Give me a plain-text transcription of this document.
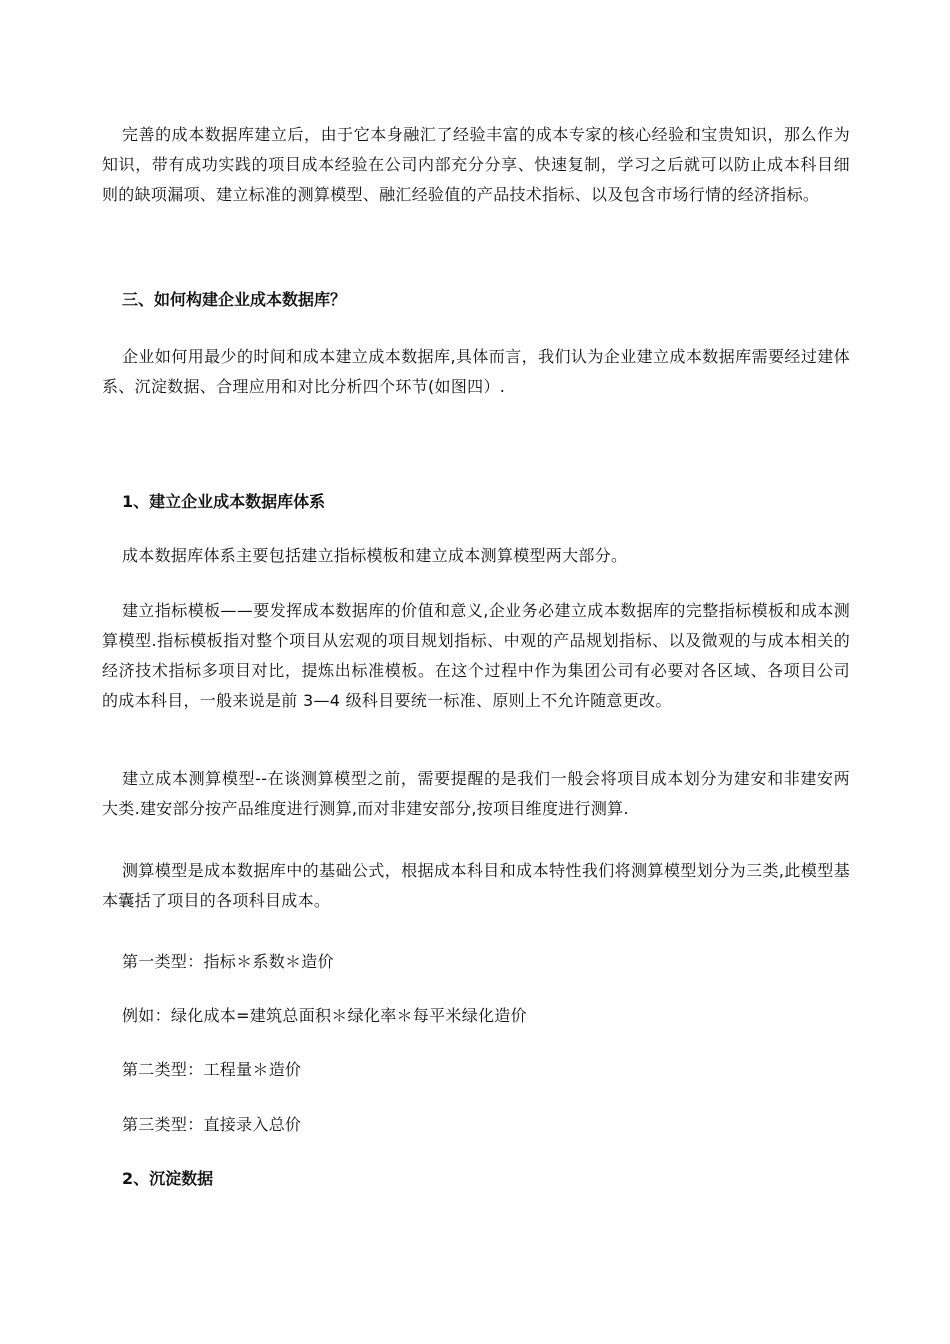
完善的成本数据库建立后，由于它本身融汇了经验丰富的成本专家的核心经验和宝贵知识，那么作为知识，带有成功实践的项目成本经验在公司内部充分分享、快速复制，学习之后就可以防止成本科目细则的缺项漏项、建立标准的测算模型、融汇经验值的产品技术指标、以及包含市场行情的经济指标。

三、如何构建企业成本数据库？

企业如何用最少的时间和成本建立成本数据库,具体而言，我们认为企业建立成本数据库需要经过建体系、沉淀数据、合理应用和对比分析四个环节(如图四）.

1、建立企业成本数据库体系

成本数据库体系主要包括建立指标模板和建立成本测算模型两大部分。

建立指标模板——要发挥成本数据库的价值和意义,企业务必建立成本数据库的完整指标模板和成本测算模型.指标模板指对整个项目从宏观的项目规划指标、中观的产品规划指标、以及微观的与成本相关的经济技术指标多项目对比，提炼出标准模板。在这个过程中作为集团公司有必要对各区域、各项目公司的成本科目，一般来说是前 3—4 级科目要统一标准、原则上不允许随意更改。

建立成本测算模型--在谈测算模型之前，需要提醒的是我们一般会将项目成本划分为建安和非建安两大类.建安部分按产品维度进行测算,而对非建安部分,按项目维度进行测算.

测算模型是成本数据库中的基础公式，根据成本科目和成本特性我们将测算模型划分为三类,此模型基本囊括了项目的各项科目成本。

第一类型：指标＊系数＊造价

例如：绿化成本=建筑总面积＊绿化率＊每平米绿化造价

第二类型：工程量＊造价

第三类型：直接录入总价

2、沉淀数据
